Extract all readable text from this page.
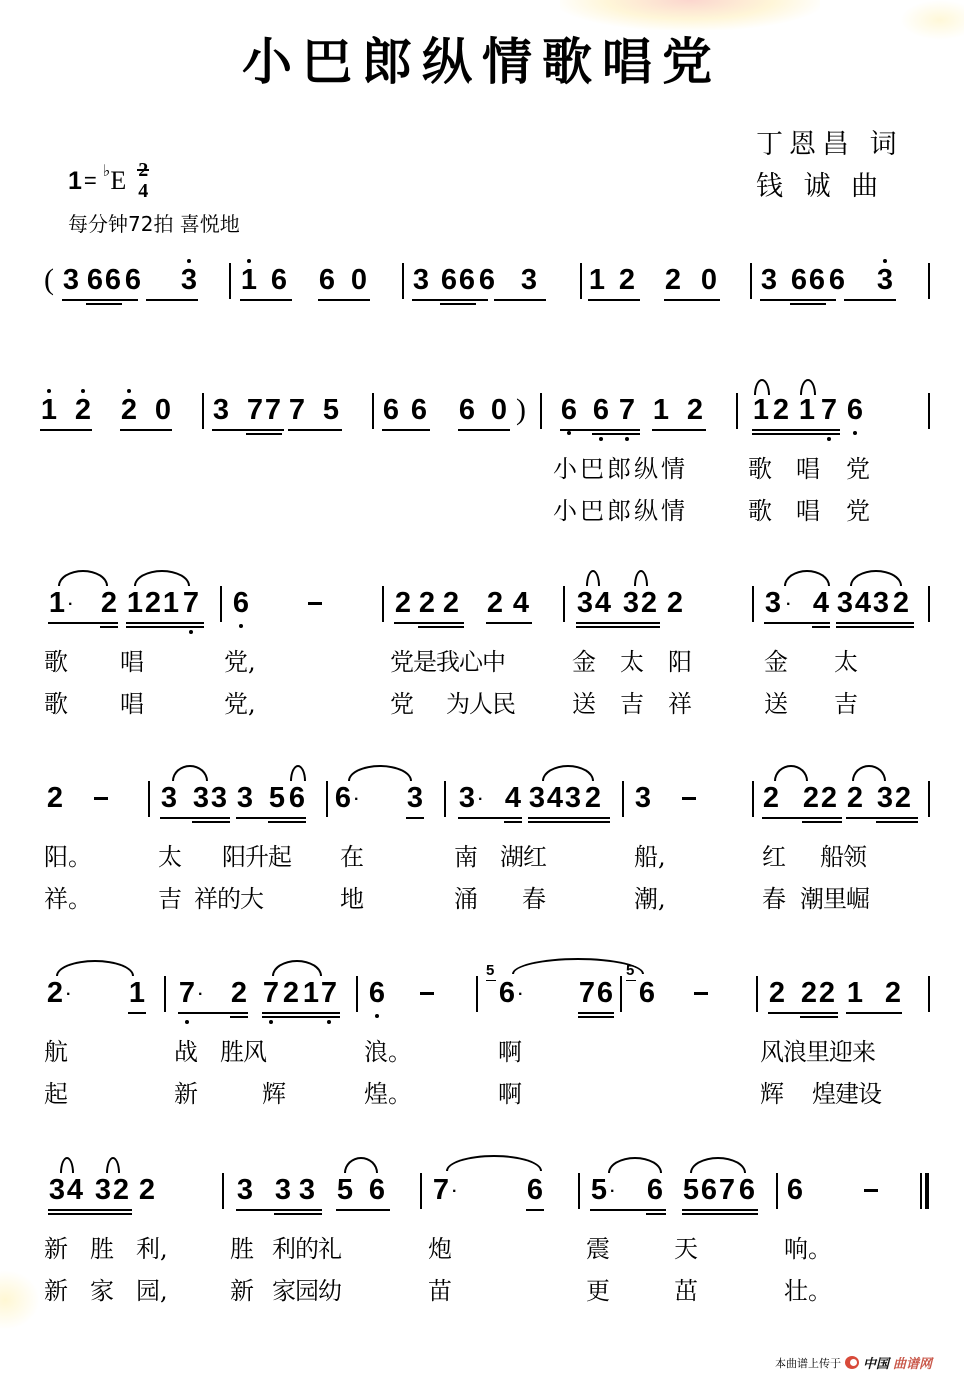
小巴郎纵情歌唱党
丁恩昌 词
钱 诚 曲
1 = ♭ E 4
每分钟72拍 喜悦地
( 3 6 6 6 3 1 6 6 0 3 6 6 6 3 1 2 2 0 3 6 6 6 3
1 2 2 0 3 7 7 7 5 6 6 6 0 ) 6 6 7 1 2 1 2 1 7 6
小巴郎纵情	歌 唱 党
小巴郎纵情	歌 唱 党
1 · 2 1 2 1 7 6	2 2 2 2 4 3 4 3 2 2	3 · 4 3 4 3 2
歌 唱	党,	党是我心中	金 太 阳	金 太
歌 唱	党,	党 为人民 送 吉 祥	送 吉
2	3 3 3 3 5 6 6 · 3 3 · 4 3 4 3 2 3	2 2 2 2 3 2
阳。	太 阳升起 在	南 湖红	船,	红 船领
祥。	吉 祥的大	地	涌 春	潮,	春 潮里崛
2 · 1 7 · 2 7 2 1 7 6
5
6 · 7 6
5
6	2 2 2 1 2
航	战 胜风	浪。	啊	风浪里迎来
起	新	辉	煌。	啊	辉 煌建设
3 4 3 2 2	3 3 3 5 6 7 · 6 5 · 6 5 6 7 6 6
新 胜 利,	胜 利的礼	炮	震	天	响。
新 家 园,	新 家园幼	苗	更	茁	壮。
本曲谱上传于 中国 曲谱网
